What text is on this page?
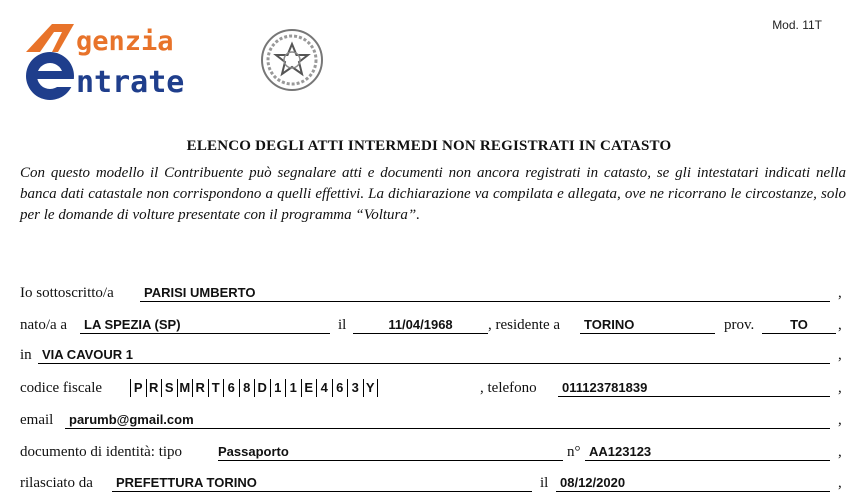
Mod. 11T
genzia
ntrate
ELENCO DEGLI ATTI INTERMEDI NON REGISTRATI IN CATASTO
Con questo modello il Contribuente può segnalare atti e documenti non ancora registrati in catasto, se gli intestatari indicati nella banca dati catastale non corrispondono a quelli effettivi. La dichiarazione va compilata e allegata, ove ne ricorrano le circostanze, solo per le domande di volture presentate con il programma “Voltura”.
Io sottoscritto/a	PARISI UMBERTO	,
nato/a a	LA SPEZIA (SP)	il	11/04/1968	, residente a	TORINO	prov.	TO	,
in VIA CAVOUR 1	,
codice fiscale	P R S M R T 6 8 D 1 1 E 4 6 3 Y	, telefono	011123781839	,
email	parumb@gmail.com	,
documento di identità: tipo	Passaporto	n° AA123123	,
rilasciato da	PREFETTURA TORINO	il 08/12/2020	,
